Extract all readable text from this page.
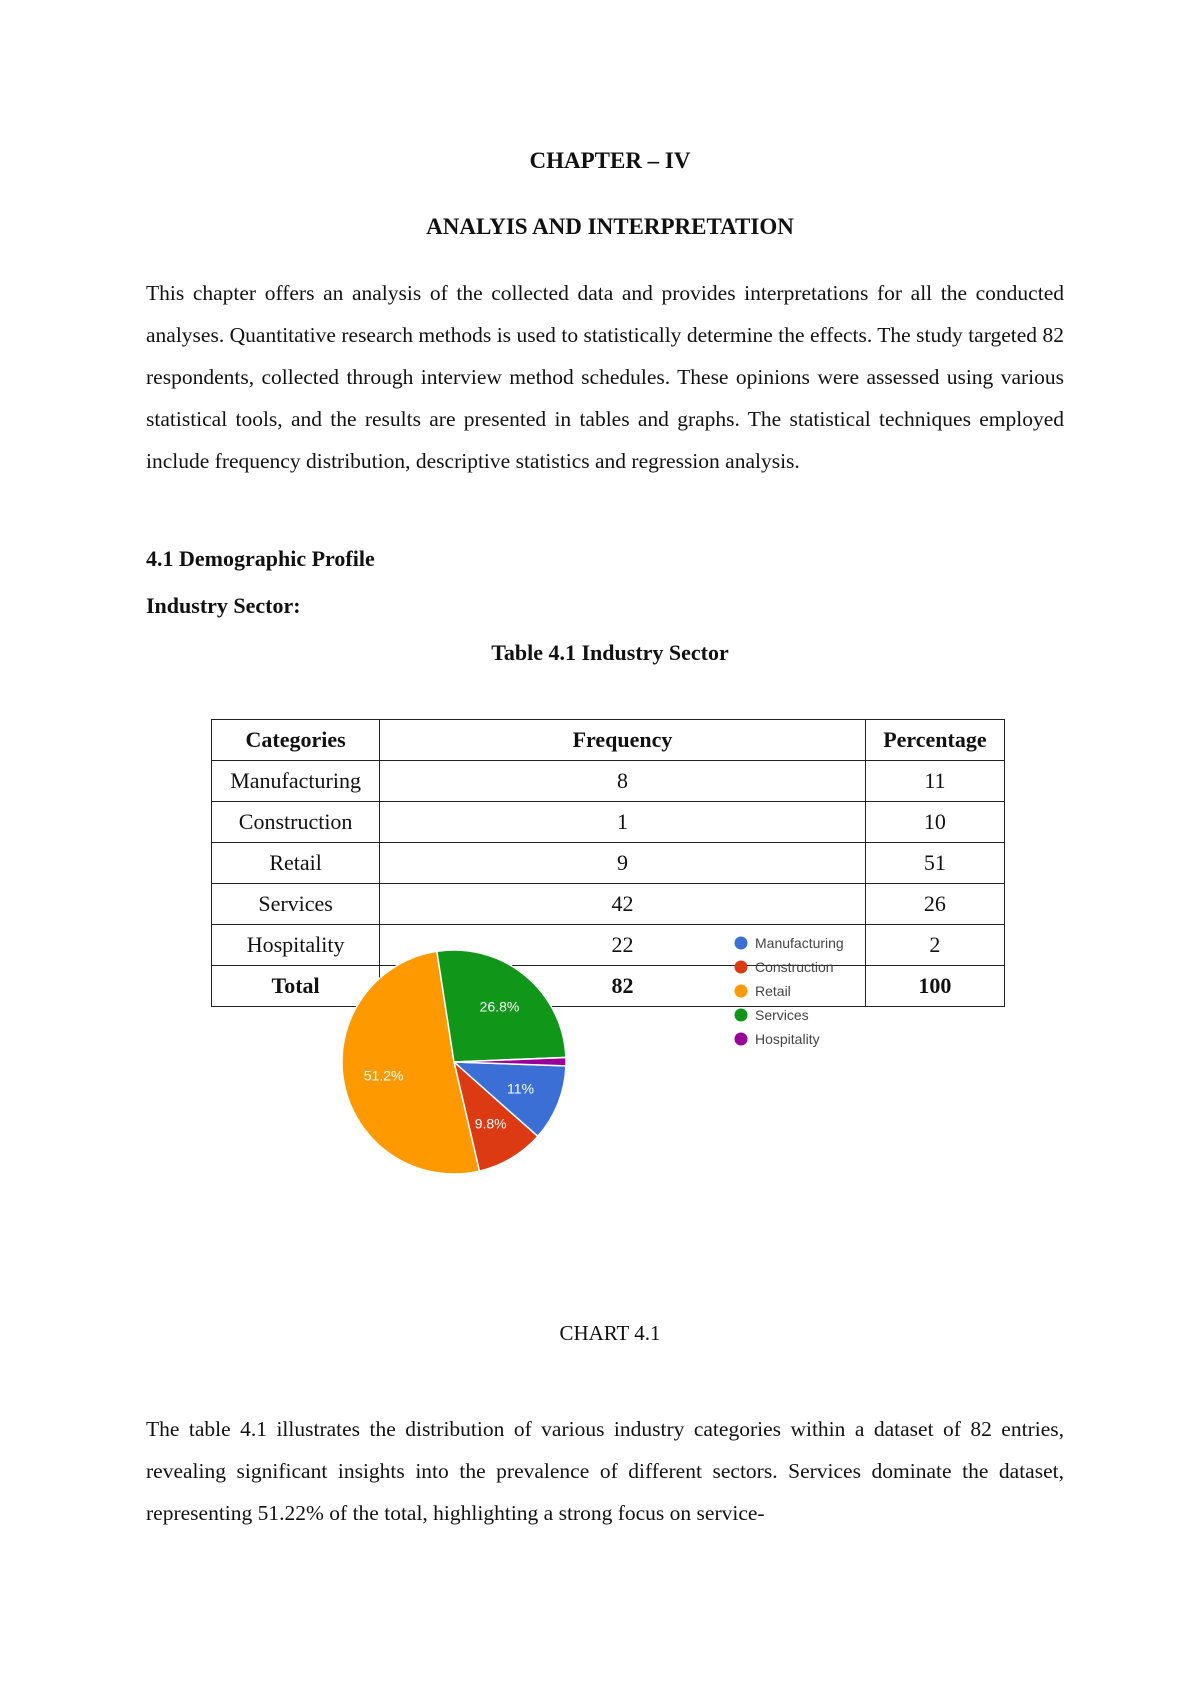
CHAPTER – IV
ANALYIS AND INTERPRETATION
This chapter offers an analysis of the collected data and provides interpretations for all the conducted analyses. Quantitative research methods is used to statistically determine the effects. The study targeted 82 respondents, collected through interview method schedules. These opinions were assessed using various statistical tools, and the results are presented in tables and graphs. The statistical techniques employed include frequency distribution, descriptive statistics and regression analysis.
4.1 Demographic Profile
Industry Sector:
Table 4.1 Industry Sector
Categories	Frequency	Percentage
Manufacturing	8	11
Construction	1	10
Retail	9	51
Services	42	26
Hospitality	22	2
Total	82	100
11%
9.8%
51.2%
26.8%
Manufacturing
Construction
Retail
Services
Hospitality
CHART 4.1
The table 4.1 illustrates the distribution of various industry categories within a dataset of 82 entries, revealing significant insights into the prevalence of different sectors. Services dominate the dataset, representing 51.22% of the total, highlighting a strong focus on service-
